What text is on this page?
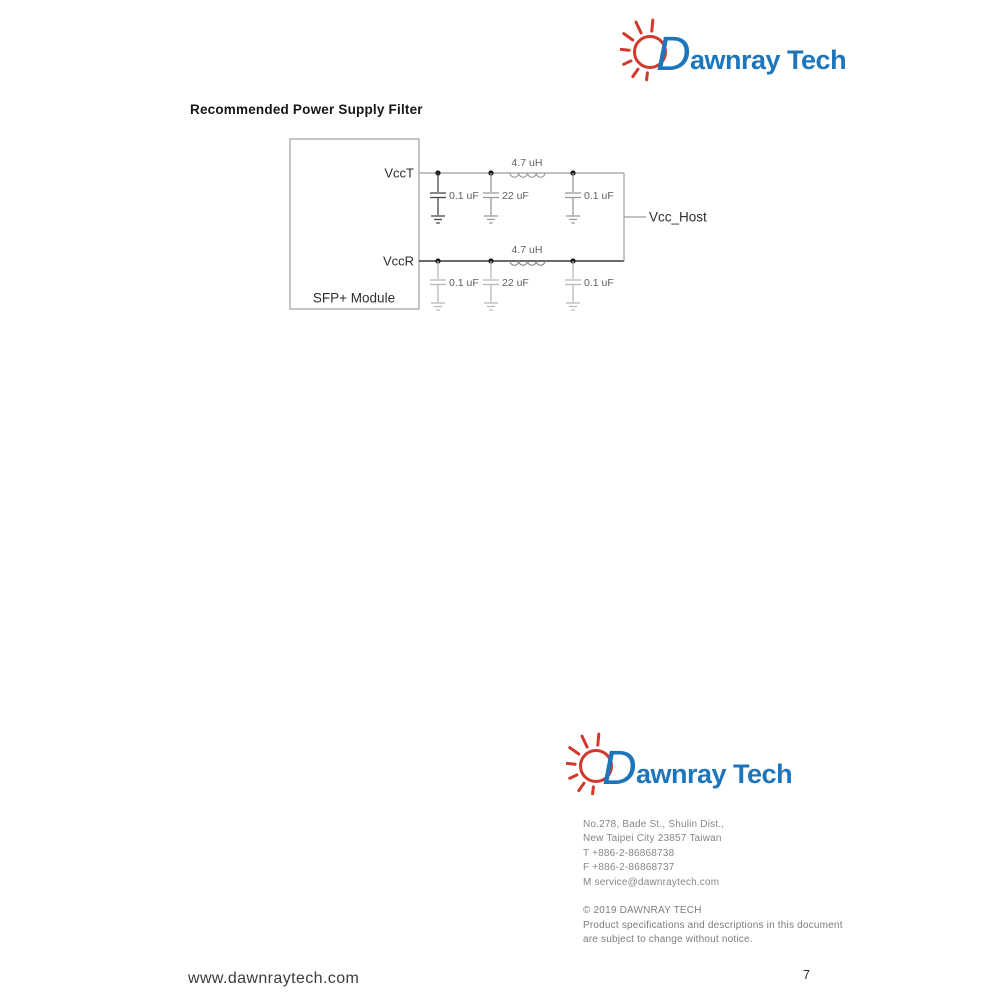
D awnray Tech
Recommended Power Supply Filter
SFP+ Module
VccT
VccR
4.7 uH
0.1 uF 22 uF	0.1 uF
4.7 uH
0.1 uF 22 uF	0.1 uF
Vcc_Host
D awnray Tech
No.278, Bade St., Shulin Dist.,
New Taipei City 23857 Taiwan
T +886-2-86868738
F +886-2-86868737
M service@dawnraytech.com
© 2019 DAWNRAY TECH
Product specifications and descriptions in this document are subject to change without notice.
www.dawnraytech.com	7
